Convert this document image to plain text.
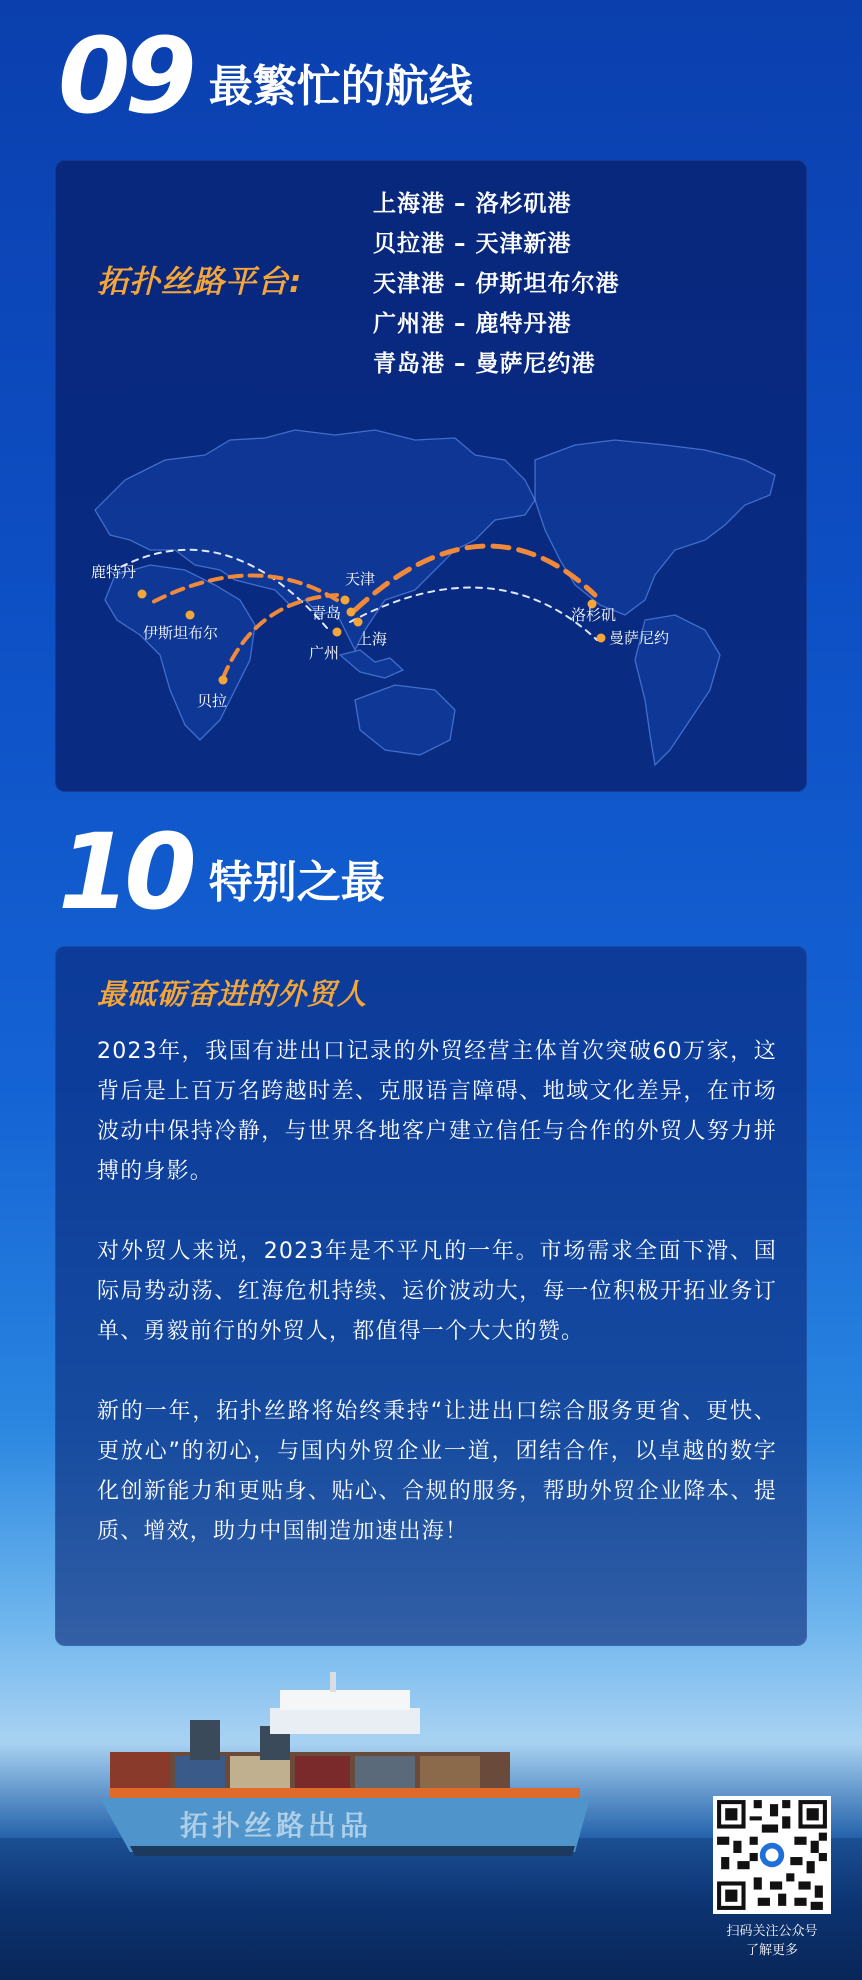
09 最繁忙的航线
拓扑丝路平台:
上海港 – 洛杉矶港
贝拉港 – 天津新港
天津港 – 伊斯坦布尔港
广州港 – 鹿特丹港
青岛港 – 曼萨尼约港
鹿特丹
伊斯坦布尔
贝拉
天津
青岛
上海
广州
洛杉矶
曼萨尼约
10 特别之最
最砥砺奋进的外贸人

2023年，我国有进出口记录的外贸经营主体首次突破60万家，这背后是上百万名跨越时差、克服语言障碍、地域文化差异，在市场波动中保持冷静，与世界各地客户建立信任与合作的外贸人努力拼搏的身影。

对外贸人来说，2023年是不平凡的一年。市场需求全面下滑、国际局势动荡、红海危机持续、运价波动大，每一位积极开拓业务订单、勇毅前行的外贸人，都值得一个大大的赞。

新的一年，拓扑丝路将始终秉持“让进出口综合服务更省、更快、更放心”的初心，与国内外贸企业一道，团结合作，以卓越的数字化创新能力和更贴身、贴心、合规的服务，帮助外贸企业降本、提质、增效，助力中国制造加速出海！

拓扑丝路出品
扫码关注公众号
了解更多
